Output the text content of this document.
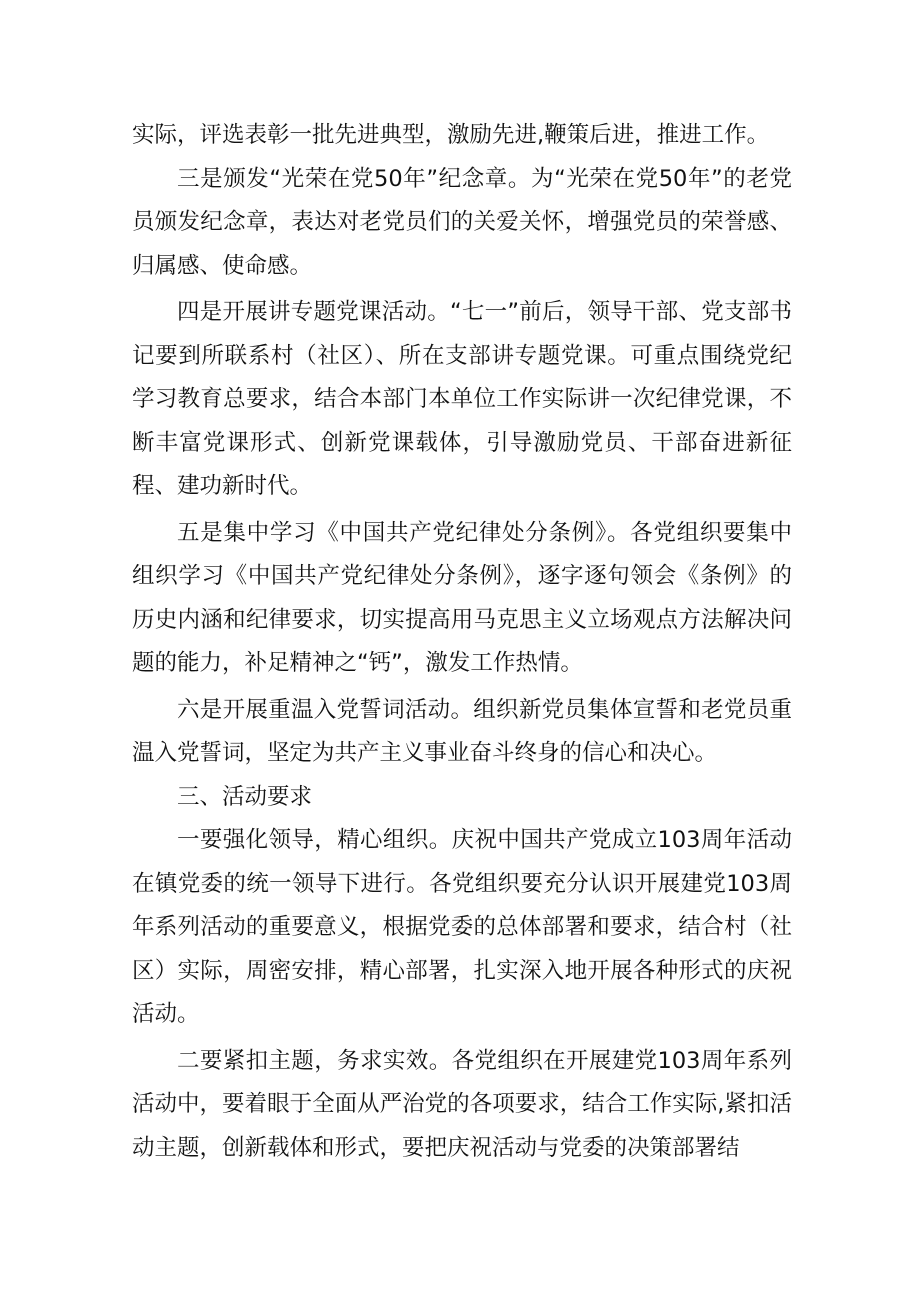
实际，评选表彰一批先进典型，激励先进,鞭策后进，推进工作。

三是颁发“光荣在党50年”纪念章。为“光荣在党50年”的老党员颁发纪念章，表达对老党员们的关爱关怀，增强党员的荣誉感、归属感、使命感。

四是开展讲专题党课活动。“七一”前后，领导干部、党支部书记要到所联系村（社区）、所在支部讲专题党课。可重点围绕党纪学习教育总要求，结合本部门本单位工作实际讲一次纪律党课，不断丰富党课形式、创新党课载体，引导激励党员、干部奋进新征程、建功新时代。

五是集中学习《中国共产党纪律处分条例》。各党组织要集中组织学习《中国共产党纪律处分条例》，逐字逐句领会《条例》的历史内涵和纪律要求，切实提高用马克思主义立场观点方法解决问题的能力，补足精神之“钙”，激发工作热情。

六是开展重温入党誓词活动。组织新党员集体宣誓和老党员重温入党誓词，坚定为共产主义事业奋斗终身的信心和决心。

三、活动要求

一要强化领导，精心组织。庆祝中国共产党成立103周年活动在镇党委的统一领导下进行。各党组织要充分认识开展建党103周年系列活动的重要意义，根据党委的总体部署和要求，结合村（社区）实际，周密安排，精心部署，扎实深入地开展各种形式的庆祝活动。

二要紧扣主题，务求实效。各党组织在开展建党103周年系列活动中，要着眼于全面从严治党的各项要求，结合工作实际,紧扣活动主题，创新载体和形式，要把庆祝活动与党委的决策部署结
